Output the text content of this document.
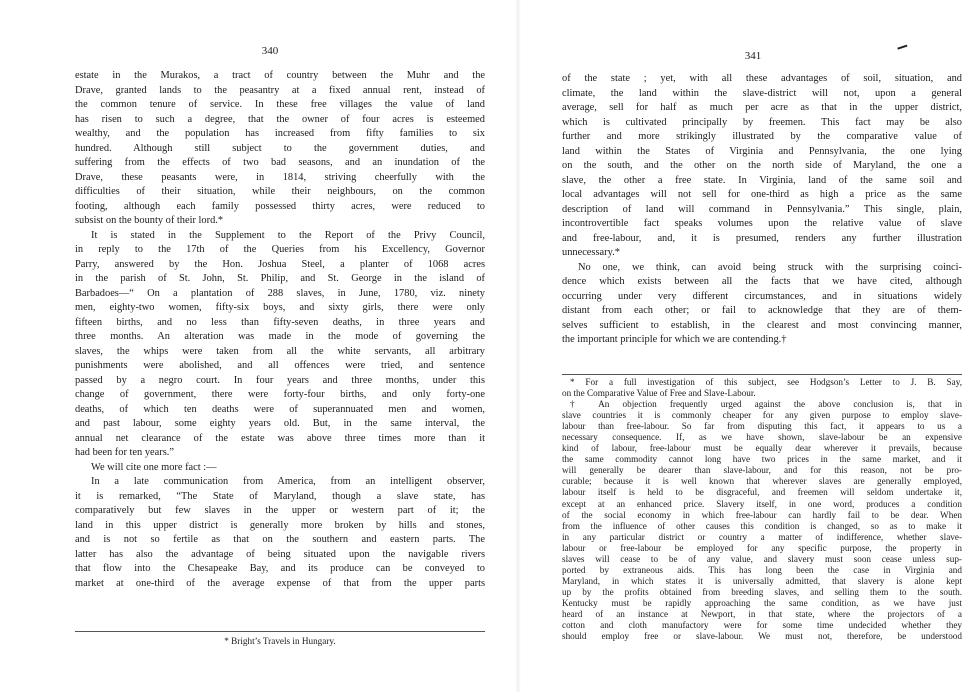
340

estate in the Murakos, a tract of country between the Muhr and the
Drave, granted lands to the peasantry at a fixed annual rent, instead of
the common tenure of service. In these free villages the value of land
has risen to such a degree, that the owner of four acres is esteemed
wealthy, and the population has increased from fifty families to six
hundred. Although still subject to the government duties, and
suffering from the effects of two bad seasons, and an inundation of the
Drave, these peasants were, in 1814, striving cheerfully with the
difficulties of their situation, while their neighbours, on the common
footing, although each family possessed thirty acres, were reduced to
subsist on the bounty of their lord.*

It is stated in the Supplement to the Report of the Privy Council,
in reply to the 17th of the Queries from his Excellency, Governor
Parry, answered by the Hon. Joshua Steel, a planter of 1068 acres
in the parish of St. John, St. Philip, and St. George in the island of
Barbadoes—“ On a plantation of 288 slaves, in June, 1780, viz. ninety
men, eighty-two women, fifty-six boys, and sixty girls, there were only
fifteen births, and no less than fifty-seven deaths, in three years and
three months. An alteration was made in the mode of governing the
slaves, the whips were taken from all the white servants, all arbitrary
punishments were abolished, and all offences were tried, and sentence
passed by a negro court. In four years and three months, under this
change of government, there were forty-four births, and only forty-one
deaths, of which ten deaths were of superannuated men and women,
and past labour, some eighty years old. But, in the same interval, the
annual net clearance of the estate was above three times more than it
had been for ten years.”

We will cite one more fact :—

In a late communication from America, from an intelligent observer,
it is remarked, “The State of Maryland, though a slave state, has
comparatively but few slaves in the upper or western part of it; the
land in this upper district is generally more broken by hills and stones,
and is not so fertile as that on the southern and eastern parts. The
latter has also the advantage of being situated upon the navigable rivers
that flow into the Chesapeake Bay, and its produce can be conveyed to
market at one-third of the average expense of that from the upper parts

* Bright’s Travels in Hungary.

341

of the state ; yet, with all these advantages of soil, situation, and
climate, the land within the slave-district will not, upon a general
average, sell for half as much per acre as that in the upper district,
which is cultivated principally by freemen. This fact may be also
further and more strikingly illustrated by the comparative value of
land within the States of Virginia and Pennsylvania, the one lying
on the south, and the other on the north side of Maryland, the one a
slave, the other a free state. In Virginia, land of the same soil and
local advantages will not sell for one-third as high a price as the same
description of land will command in Pennsylvania.” This single, plain,
incontrovertible fact speaks volumes upon the relative value of slave
and free-labour, and, it is presumed, renders any further illustration
unnecessary.*

No one, we think, can avoid being struck with the surprising coinci-
dence which exists between all the facts that we have cited, although
occurring under very different circumstances, and in situations widely
distant from each other; or fail to acknowledge that they are of them-
selves sufficient to establish, in the clearest and most convincing manner,
the important principle for which we are contending.†

* For a full investigation of this subject, see Hodgson’s Letter to J. B. Say,
on the Comparative Value of Free and Slave-Labour.

† An objection frequently urged against the above conclusion is, that in
slave countries it is commonly cheaper for any given purpose to employ slave-
labour than free-labour. So far from disputing this fact, it appears to us a
necessary consequence. If, as we have shown, slave-labour be an expensive
kind of labour, free-labour must be equally dear wherever it prevails, because
the same commodity cannot long have two prices in the same market, and it
will generally be dearer than slave-labour, and for this reason, not be pro-
curable; because it is well known that wherever slaves are generally employed,
labour itself is held to be disgraceful, and freemen will seldom undertake it,
except at an enhanced price. Slavery itself, in one word, produces a condition
of the social economy in which free-labour can hardly fail to be dear. When
from the influence of other causes this condition is changed, so as to make it
in any particular district or country a matter of indifference, whether slave-
labour or free-labour be employed for any specific purpose, the property in
slaves will cease to be of any value, and slavery must soon cease unless sup-
ported by extraneous aids. This has long been the case in Virginia and
Maryland, in which states it is universally admitted, that slavery is alone kept
up by the profits obtained from breeding slaves, and selling them to the south.
Kentucky must be rapidly approaching the same condition, as we have just
heard of an instance at Newport, in that state, where the projectors of a
cotton and cloth manufactory were for some time undecided whether they
should employ free or slave-labour. We must not, therefore, be understood
